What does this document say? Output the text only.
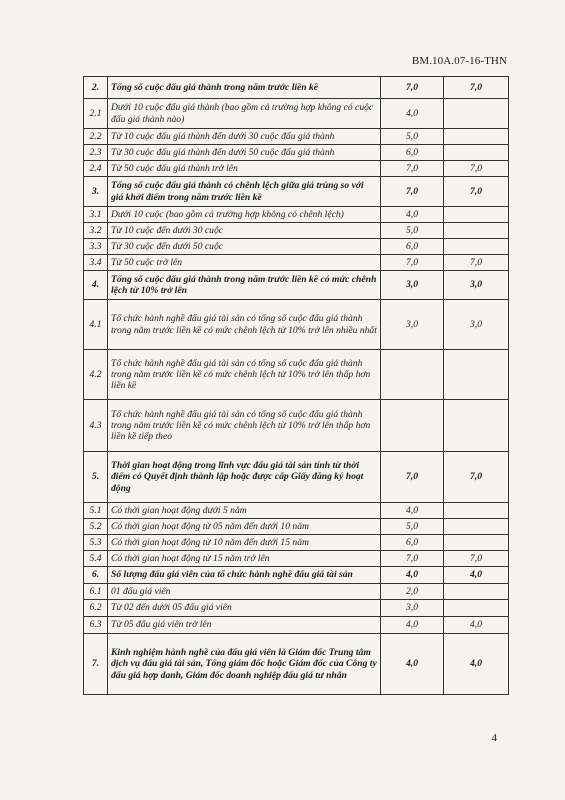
BM.10A.07-16-THN
2.	Tổng số cuộc đấu giá thành trong năm trước liền kề	7,0	7,0
2.1	Dưới 10 cuộc đấu giá thành (bao gồm cả trường hợp không có cuộc đấu giá thành nào)	4,0	
2.2	Từ 10 cuộc đấu giá thành đến dưới 30 cuộc đấu giá thành	5,0	
2.3	Từ 30 cuộc đấu giá thành đến dưới 50 cuộc đấu giá thành	6,0	
2.4	Từ 50 cuộc đấu giá thành trở lên	7,0	7,0
3.	Tổng số cuộc đấu giá thành có chênh lệch giữa giá trúng so với giá khởi điểm trong năm trước liền kề	7,0	7,0
3.1	Dưới 10 cuộc (bao gồm cả trường hợp không có chênh lệch)	4,0	
3.2	Từ 10 cuộc đến dưới 30 cuộc	5,0	
3.3	Từ 30 cuộc đến dưới 50 cuộc	6,0	
3.4	Từ 50 cuộc trở lên	7,0	7,0
4.	Tổng số cuộc đấu giá thành trong năm trước liền kề có mức chênh lệch từ 10% trở lên	3,0	3,0
4.1	Tổ chức hành nghề đấu giá tài sản có tổng số cuộc đấu giá thành trong năm trước liền kề có mức chênh lệch từ 10% trở lên nhiều nhất	3,0	3,0
4.2	Tổ chức hành nghề đấu giá tài sản có tổng số cuộc đấu giá thành trong năm trước liền kề có mức chênh lệch từ 10% trở lên thấp hơn liền kề		
4.3	Tổ chức hành nghề đấu giá tài sản có tổng số cuộc đấu giá thành trong năm trước liền kề có mức chênh lệch từ 10% trở lên thấp hơn liền kề tiếp theo		
5.	Thời gian hoạt động trong lĩnh vực đấu giá tài sản tính từ thời điểm có Quyết định thành lập hoặc được cấp Giấy đăng ký hoạt động	7,0	7,0
5.1	Có thời gian hoạt động dưới 5 năm	4,0	
5.2	Có thời gian hoạt động từ 05 năm đến dưới 10 năm	5,0	
5.3	Có thời gian hoạt động từ 10 năm đến dưới 15 năm	6,0	
5.4	Có thời gian hoạt động từ 15 năm trở lên	7,0	7,0
6.	Số lượng đấu giá viên của tổ chức hành nghề đấu giá tài sản	4,0	4,0
6.1	01 đấu giá viên	2,0	
6.2	Từ 02 đến dưới 05 đấu giá viên	3,0	
6.3	Từ 05 đấu giá viên trở lên	4,0	4,0
7.	Kinh nghiệm hành nghề của đấu giá viên là Giám đốc Trung tâm dịch vụ đấu giá tài sản, Tổng giám đốc hoặc Giám đốc của Công ty đấu giá hợp danh, Giám đốc doanh nghiệp đấu giá tư nhân	4,0	4,0
4
